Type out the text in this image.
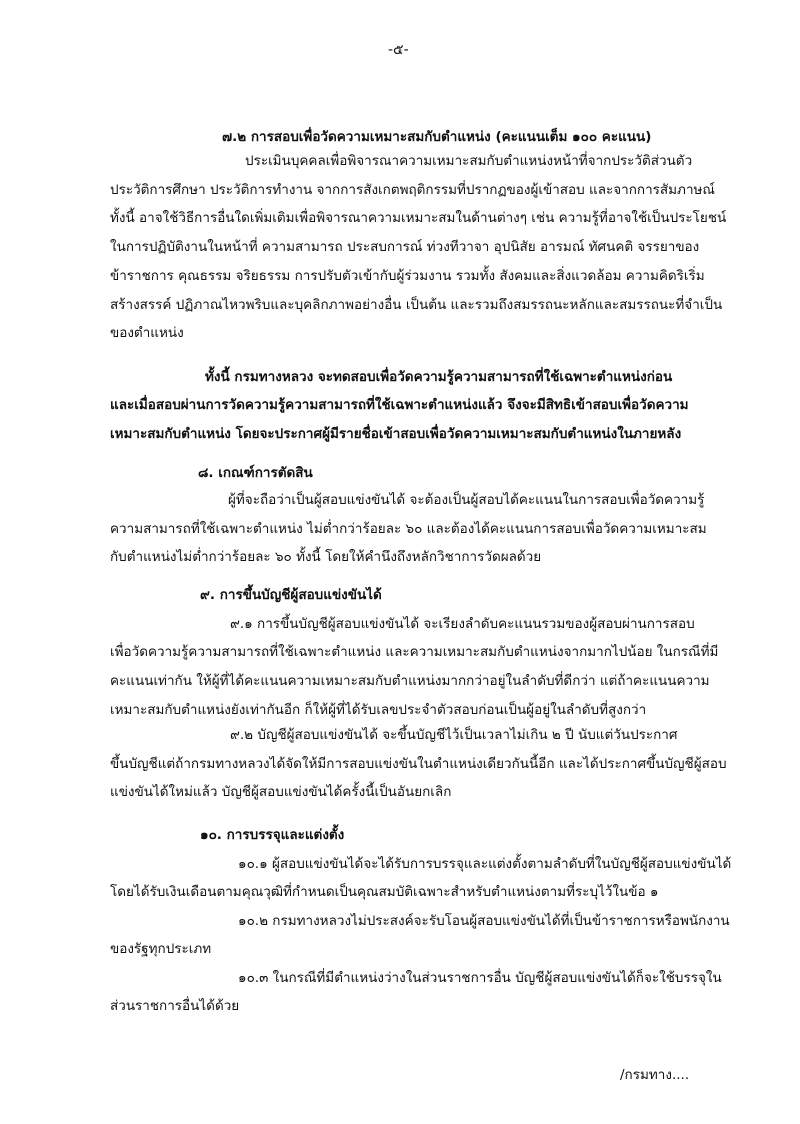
-๕-
๗.๒ การสอบเพื่อวัดความเหมาะสมกับตำแหน่ง (คะแนนเต็ม ๑๐๐ คะแนน)
ประเมินบุคคลเพื่อพิจารณาความเหมาะสมกับตำแหน่งหน้าที่จากประวัติส่วนตัว
ประวัติการศึกษา ประวัติการทำงาน จากการสังเกตพฤติกรรมที่ปรากฏของผู้เข้าสอบ และจากการสัมภาษณ์
ทั้งนี้ อาจใช้วิธีการอื่นใดเพิ่มเติมเพื่อพิจารณาความเหมาะสมในด้านต่างๆ เช่น ความรู้ที่อาจใช้เป็นประโยชน์
ในการปฏิบัติงานในหน้าที่ ความสามารถ ประสบการณ์ ท่วงทีวาจา อุปนิสัย อารมณ์ ทัศนคติ จรรยาของ
ข้าราชการ คุณธรรม จริยธรรม การปรับตัวเข้ากับผู้ร่วมงาน รวมทั้ง สังคมและสิ่งแวดล้อม ความคิดริเริ่ม
สร้างสรรค์ ปฏิภาณไหวพริบและบุคลิกภาพอย่างอื่น เป็นต้น และรวมถึงสมรรถนะหลักและสมรรถนะที่จำเป็น
ของตำแหน่ง
ทั้งนี้ กรมทางหลวง จะทดสอบเพื่อวัดความรู้ความสามารถที่ใช้เฉพาะตำแหน่งก่อน
และเมื่อสอบผ่านการวัดความรู้ความสามารถที่ใช้เฉพาะตำแหน่งแล้ว จึงจะมีสิทธิเข้าสอบเพื่อวัดความ
เหมาะสมกับตำแหน่ง โดยจะประกาศผู้มีรายชื่อเข้าสอบเพื่อวัดความเหมาะสมกับตำแหน่งในภายหลัง
๘. เกณฑ์การตัดสิน
ผู้ที่จะถือว่าเป็นผู้สอบแข่งขันได้ จะต้องเป็นผู้สอบได้คะแนนในการสอบเพื่อวัดความรู้
ความสามารถที่ใช้เฉพาะตำแหน่ง ไม่ต่ำกว่าร้อยละ ๖๐ และต้องได้คะแนนการสอบเพื่อวัดความเหมาะสม
กับตำแหน่งไม่ต่ำกว่าร้อยละ ๖๐ ทั้งนี้ โดยให้คำนึงถึงหลักวิชาการวัดผลด้วย
๙. การขึ้นบัญชีผู้สอบแข่งขันได้
๙.๑ การขึ้นบัญชีผู้สอบแข่งขันได้ จะเรียงลำดับคะแนนรวมของผู้สอบผ่านการสอบ
เพื่อวัดความรู้ความสามารถที่ใช้เฉพาะตำแหน่ง และความเหมาะสมกับตำแหน่งจากมากไปน้อย ในกรณีที่มี
คะแนนเท่ากัน ให้ผู้ที่ได้คะแนนความเหมาะสมกับตำแหน่งมากกว่าอยู่ในลำดับที่ดีกว่า แต่ถ้าคะแนนความ
เหมาะสมกับตำแหน่งยังเท่ากันอีก ก็ให้ผู้ที่ได้รับเลขประจำตัวสอบก่อนเป็นผู้อยู่ในลำดับที่สูงกว่า
๙.๒ บัญชีผู้สอบแข่งขันได้ จะขึ้นบัญชีไว้เป็นเวลาไม่เกิน ๒ ปี นับแต่วันประกาศ
ขึ้นบัญชีแต่ถ้ากรมทางหลวงได้จัดให้มีการสอบแข่งขันในตำแหน่งเดียวกันนี้อีก และได้ประกาศขึ้นบัญชีผู้สอบ
แข่งขันได้ใหม่แล้ว บัญชีผู้สอบแข่งขันได้ครั้งนี้เป็นอันยกเลิก
๑๐. การบรรจุและแต่งตั้ง
๑๐.๑ ผู้สอบแข่งขันได้จะได้รับการบรรจุและแต่งตั้งตามลำดับที่ในบัญชีผู้สอบแข่งขันได้
โดยได้รับเงินเดือนตามคุณวุฒิที่กำหนดเป็นคุณสมบัติเฉพาะสำหรับตำแหน่งตามที่ระบุไว้ในข้อ ๑
๑๐.๒ กรมทางหลวงไม่ประสงค์จะรับโอนผู้สอบแข่งขันได้ที่เป็นข้าราชการหรือพนักงาน
ของรัฐทุกประเภท
๑๐.๓ ในกรณีที่มีตำแหน่งว่างในส่วนราชการอื่น บัญชีผู้สอบแข่งขันได้ก็จะใช้บรรจุใน
ส่วนราชการอื่นได้ด้วย
/กรมทาง....
